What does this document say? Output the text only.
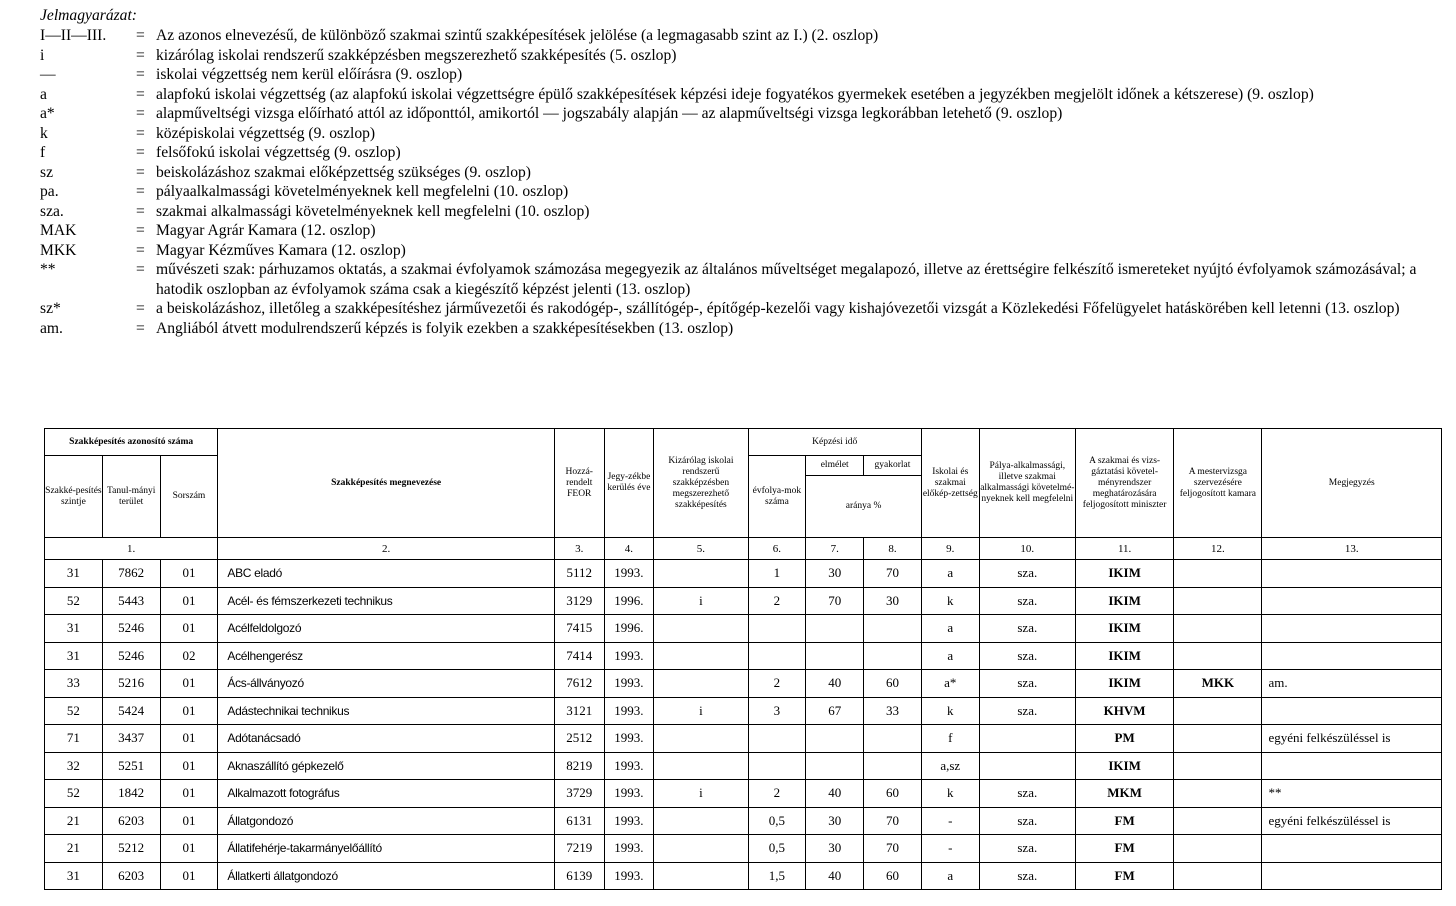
Jelmagyarázat:
I—II—III.	= Az azonos elnevezésű, de különböző szakmai szintű szakképesítések jelölése (a legmagasabb szint az I.) (2. oszlop)
i	= kizárólag iskolai rendszerű szakképzésben megszerezhető szakképesítés (5. oszlop)
—	= iskolai végzettség nem kerül előírásra (9. oszlop)
a	= alapfokú iskolai végzettség (az alapfokú iskolai végzettségre épülő szakképesítések képzési ideje fogyatékos gyermekek esetében a jegyzékben megjelölt időnek a kétszerese) (9. oszlop)
a*	= alapműveltségi vizsga előírható attól az időponttól, amikortól — jogszabály alapján — az alapműveltségi vizsga legkorábban letehető (9. oszlop)
k	= középiskolai végzettség (9. oszlop)
f	= felsőfokú iskolai végzettség (9. oszlop)
sz	= beiskolázáshoz szakmai előképzettség szükséges (9. oszlop)
pa.	= pályaalkalmassági követelményeknek kell megfelelni (10. oszlop)
sza.	= szakmai alkalmassági követelményeknek kell megfelelni (10. oszlop)
MAK	= Magyar Agrár Kamara (12. oszlop)
MKK	= Magyar Kézműves Kamara (12. oszlop)
**	= művészeti szak: párhuzamos oktatás, a szakmai évfolyamok számozása megegyezik az általános műveltséget megalapozó, illetve az érettségire felkészítő ismereteket nyújtó évfolyamok számozásával; a hatodik oszlopban az évfolyamok száma csak a kiegészítő képzést jelenti (13. oszlop)
sz*	= a beiskolázáshoz, illetőleg a szakképesítéshez járművezetői és rakodógép-, szállítógép-, építőgép-kezelői vagy kishajóvezetői vizsgát a Közlekedési Főfelügyelet hatáskörében kell letenni (13. oszlop)
am.	= Angliából átvett modulrendszerű képzés is folyik ezekben a szakképesítésekben (13. oszlop)
Szakképesítés azonosító száma			Szakképesítés megnevezése	Hozzá-rendelt FEOR	Jegy-zékbe kerülés éve	Kizárólag iskolai rendszerű szakképzésben megszerezhető szakképesítés	Képzési idő			Iskolai és szakmai előkép-zettség	Pálya-alkalmassági, illetve szakmai alkalmassági követelmé-nyeknek kell megfelelni	A szakmai és vizs-gáztatási követel-ményrendszer meghatározására feljogosított miniszter	A mestervizsga szervezésére feljogosított kamara	Megjegyzés
Szakké-pesítés szintje	Tanul-mányi terület	Sorszám					évfolya-mok száma	elmélet	gyakorlat					
								aránya %						
1.			2.	3.	4.	5.	6.	7.	8.	9.	10.	11.	12.	13.
31	7862	01	ABC eladó	5112	1993.		1	30	70	a	sza.	IKIM		
52	5443	01	Acél- és fémszerkezeti technikus	3129	1996.	i	2	70	30	k	sza.	IKIM		
31	5246	01	Acélfeldolgozó	7415	1996.					a	sza.	IKIM		
31	5246	02	Acélhengerész	7414	1993.					a	sza.	IKIM		
33	5216	01	Ács-állványozó	7612	1993.		2	40	60	a*	sza.	IKIM	MKK	am.
52	5424	01	Adástechnikai technikus	3121	1993.	i	3	67	33	k	sza.	KHVM		
71	3437	01	Adótanácsadó	2512	1993.					f		PM		egyéni felkészüléssel is
32	5251	01	Aknaszállító gépkezelő	8219	1993.					a,sz		IKIM		
52	1842	01	Alkalmazott fotográfus	3729	1993.	i	2	40	60	k	sza.	MKM		**
21	6203	01	Állatgondozó	6131	1993.		0,5	30	70	-	sza.	FM		egyéni felkészüléssel is
21	5212	01	Állatifehérje-takarmányelőállító	7219	1993.		0,5	30	70	-	sza.	FM		
31	6203	01	Állatkerti állatgondozó	6139	1993.		1,5	40	60	a	sza.	FM		
